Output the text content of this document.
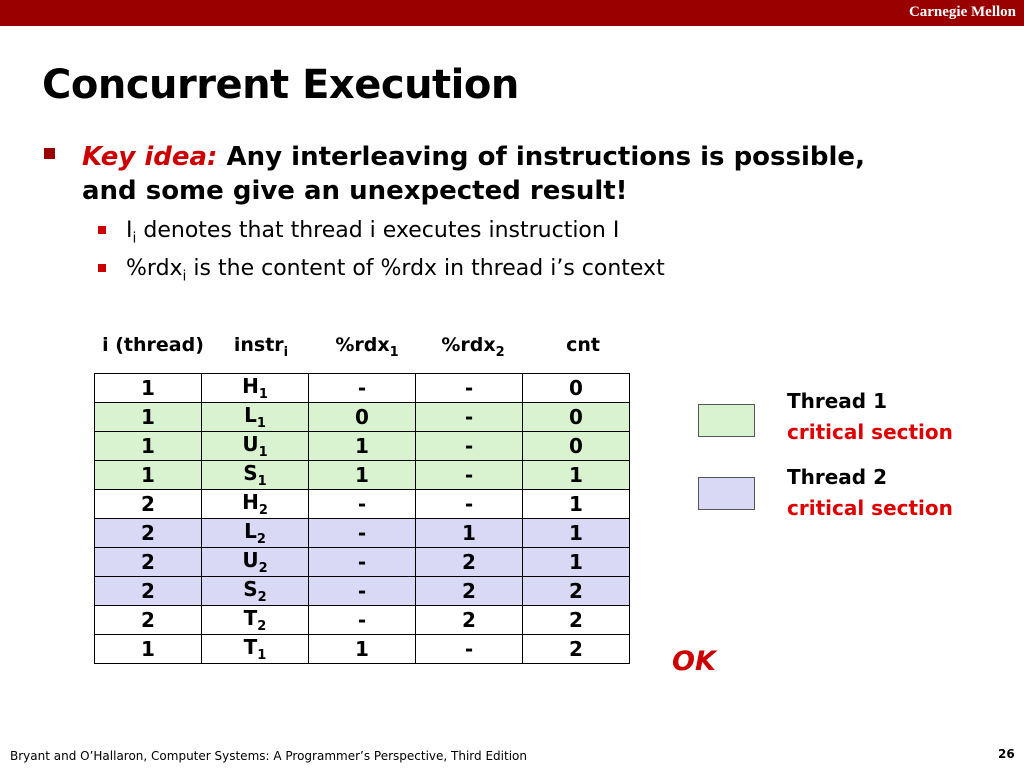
Carnegie Mellon
Concurrent Execution
Key idea: Any interleaving of instructions is possible,
and some give an unexpected result!
$I_i$ denotes that thread i executes instruction I
%rdx$_i$ is the content of %rdx in thread i’s context
i (thread)	instr$_i$	%rdx$_1$	%rdx$_2$	cnt
1	$H_1$	-	-	0
1	$L_1$	0	-	0
1	$U_1$	1	-	0
1	$S_1$	1	-	1
2	$H_2$	-	-	1
2	$L_2$	-	1	1
2	$U_2$	-	2	1
2	$S_2$	-	2	2
2	$T_2$	-	2	2
1	$T_1$	1	-	2
Thread 1
critical section
Thread 2
critical section
OK
Bryant and O’Hallaron, Computer Systems: A Programmer’s Perspective, Third Edition	26
